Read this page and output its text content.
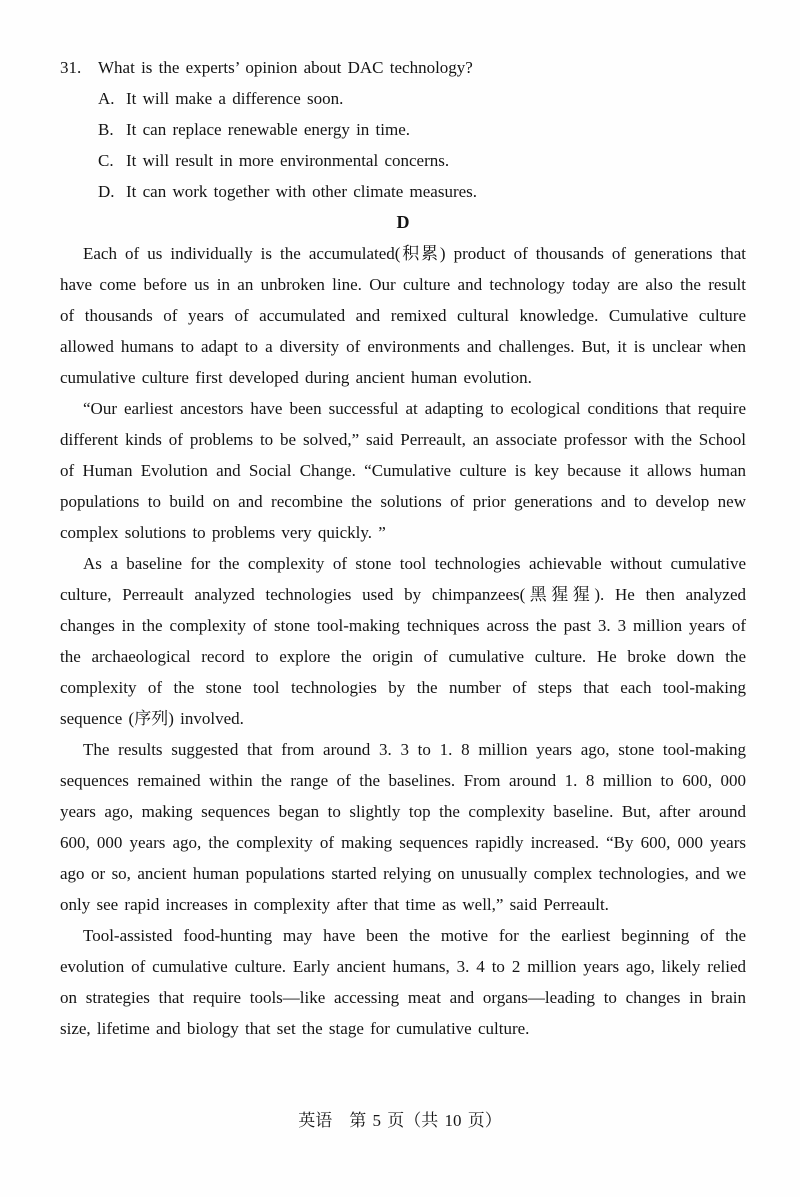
31. What is the experts’ opinion about DAC technology?
A. It will make a difference soon.
B. It can replace renewable energy in time.
C. It will result in more environmental concerns.
D. It can work together with other climate measures.
D

Each of us individually is the accumulated(积累) product of thousands of generations that have come before us in an unbroken line. Our culture and technology today are also the result of thousands of years of accumulated and remixed cultural knowledge. Cumulative culture allowed humans to adapt to a diversity of environments and challenges. But, it is unclear when cumulative culture first developed during ancient human evolution.

“Our earliest ancestors have been successful at adapting to ecological conditions that require different kinds of problems to be solved,” said Perreault, an associate professor with the School of Human Evolution and Social Change. “Cumulative culture is key because it allows human populations to build on and recombine the solutions of prior generations and to develop new complex solutions to problems very quickly. ”

As a baseline for the complexity of stone tool technologies achievable without cumulative culture, Perreault analyzed technologies used by chimpanzees(黑猩猩). He then analyzed changes in the complexity of stone tool-making techniques across the past 3. 3 million years of the archaeological record to explore the origin of cumulative culture. He broke down the complexity of the stone tool technologies by the number of steps that each tool-making sequence (序列) involved.

The results suggested that from around 3. 3 to 1. 8 million years ago, stone tool-making sequences remained within the range of the baselines. From around 1. 8 million to 600, 000 years ago, making sequences began to slightly top the complexity baseline. But, after around 600, 000 years ago, the complexity of making sequences rapidly increased. “By 600, 000 years ago or so, ancient human populations started relying on unusually complex technologies, and we only see rapid increases in complexity after that time as well,” said Perreault.

Tool-assisted food-hunting may have been the motive for the earliest beginning of the evolution of cumulative culture. Early ancient humans, 3. 4 to 2 million years ago, likely relied on strategies that require tools—like accessing meat and organs—leading to changes in brain size, lifetime and biology that set the stage for cumulative culture.

英语　第 5 页（共 10 页）
